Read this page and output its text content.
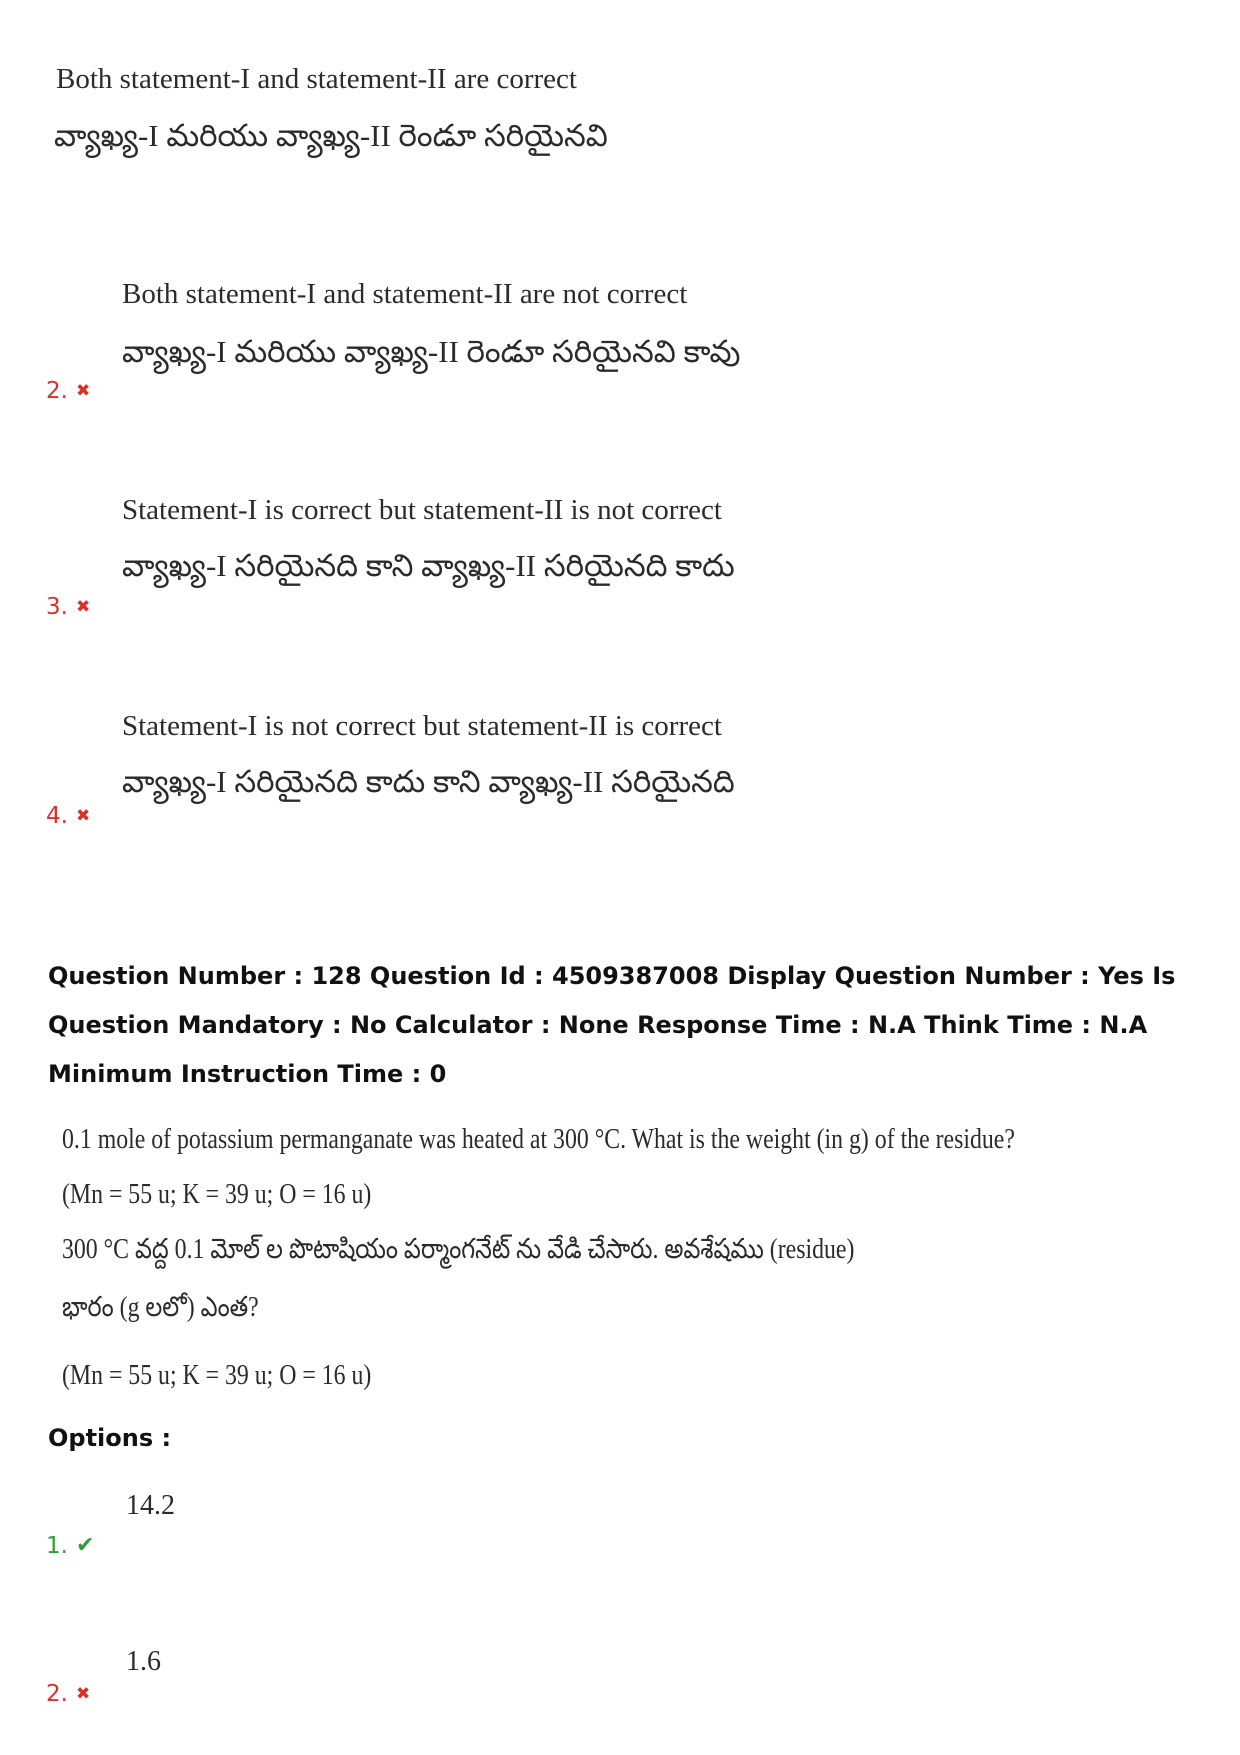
Both statement-I and statement-II are correct
వ్యాఖ్య-I మరియు వ్యాఖ్య-II రెండూ సరియైనవి
Both statement-I and statement-II are not correct
వ్యాఖ్య-I మరియు వ్యాఖ్య-II రెండూ సరియైనవి కావు
2. ✖
Statement-I is correct but statement-II is not correct
వ్యాఖ్య-I సరియైనది కాని వ్యాఖ్య-II సరియైనది కాదు
3. ✖
Statement-I is not correct but statement-II is correct
వ్యాఖ్య-I సరియైనది కాదు కాని వ్యాఖ్య-II సరియైనది
4. ✖
Question Number : 128 Question Id : 4509387008 Display Question Number : Yes Is Question Mandatory : No Calculator : None Response Time : N.A Think Time : N.A Minimum Instruction Time : 0
0.1 mole of potassium permanganate was heated at 300 °C. What is the weight (in g) of the residue?
(Mn = 55 u; K = 39 u; O = 16 u)
300 °C వద్ద 0.1 మోల్ ల పొటాషియం పర్మాంగనేట్ ను వేడి చేసారు. అవశేషము (residue)
భారం (g లలో) ఎంత?
(Mn = 55 u; K = 39 u; O = 16 u)
Options :
14.2
1. ✔
1.6
2. ✖
